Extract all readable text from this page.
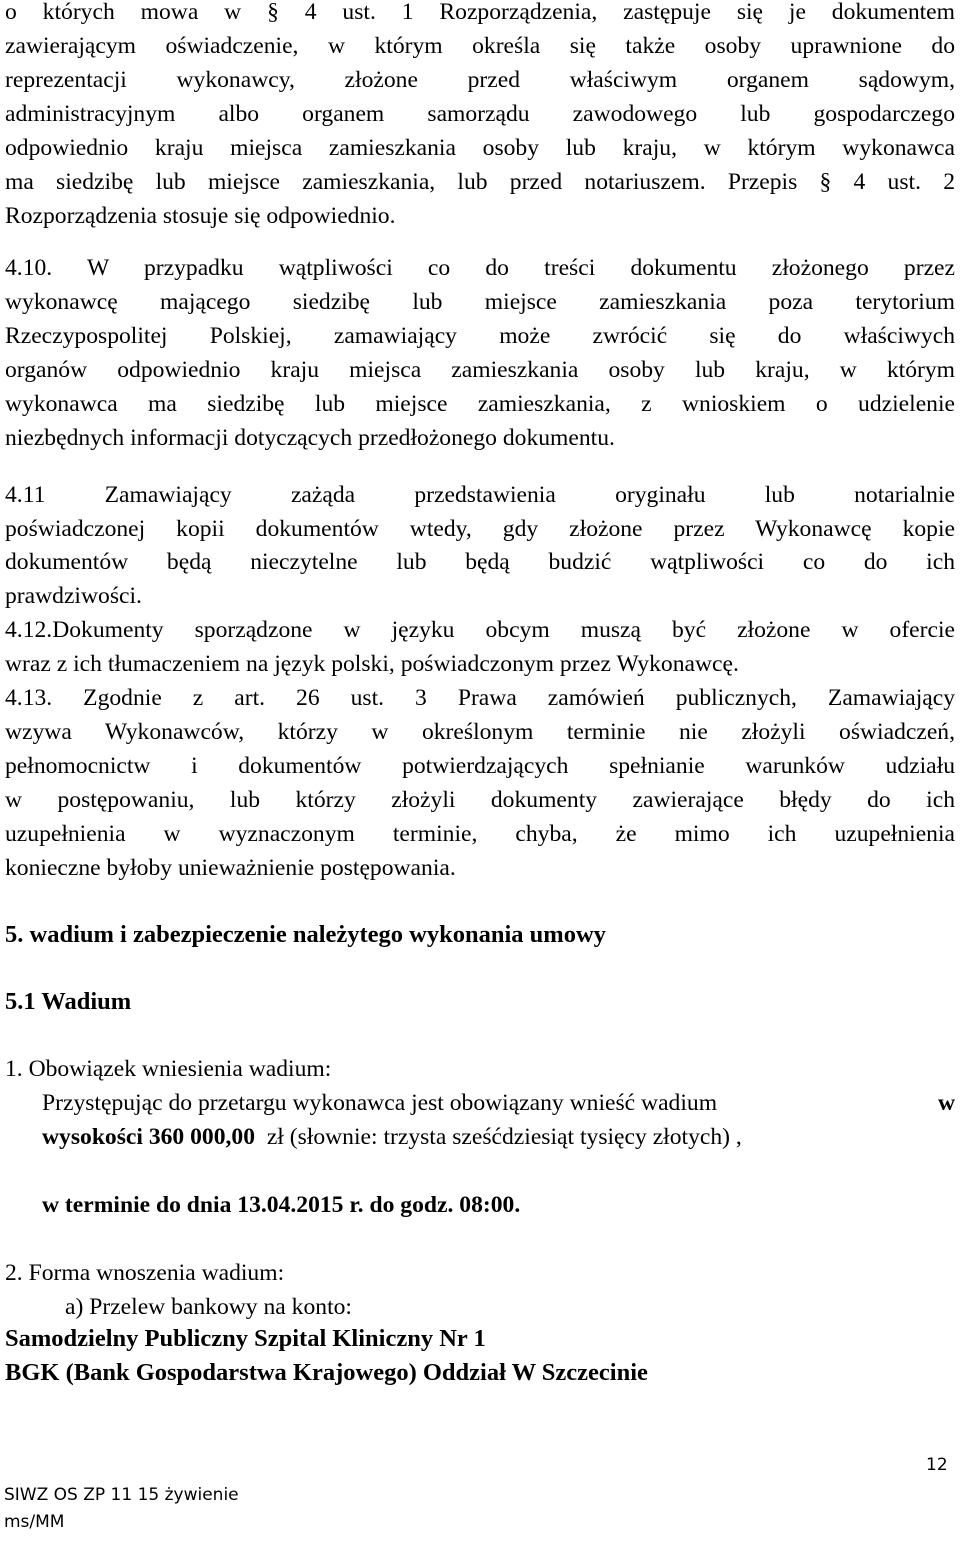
o których mowa w § 4 ust. 1 Rozporządzenia, zastępuje się je dokumentem
zawierającym oświadczenie, w którym określa się także osoby uprawnione do
reprezentacji wykonawcy, złożone przed właściwym organem sądowym,
administracyjnym albo organem samorządu zawodowego lub gospodarczego
odpowiednio kraju miejsca zamieszkania osoby lub kraju, w którym wykonawca
ma siedzibę lub miejsce zamieszkania, lub przed notariuszem. Przepis § 4 ust. 2
Rozporządzenia stosuje się odpowiednio.
4.10. W przypadku wątpliwości co do treści dokumentu złożonego przez
wykonawcę mającego siedzibę lub miejsce zamieszkania poza terytorium
Rzeczypospolitej Polskiej, zamawiający może zwrócić się do właściwych
organów odpowiednio kraju miejsca zamieszkania osoby lub kraju, w którym
wykonawca ma siedzibę lub miejsce zamieszkania, z wnioskiem o udzielenie
niezbędnych informacji dotyczących przedłożonego dokumentu.
4.11 Zamawiający zażąda przedstawienia oryginału lub notarialnie
poświadczonej kopii dokumentów wtedy, gdy złożone przez Wykonawcę kopie
dokumentów będą nieczytelne lub będą budzić wątpliwości co do ich
prawdziwości.
4.12.Dokumenty sporządzone w języku obcym muszą być złożone w ofercie
wraz z ich tłumaczeniem na język polski, poświadczonym przez Wykonawcę.
4.13. Zgodnie z art. 26 ust. 3 Prawa zamówień publicznych, Zamawiający
wzywa Wykonawców, którzy w określonym terminie nie złożyli oświadczeń,
pełnomocnictw i dokumentów potwierdzających spełnianie warunków udziału
w postępowaniu, lub którzy złożyli dokumenty zawierające błędy do ich
uzupełnienia w wyznaczonym terminie, chyba, że mimo ich uzupełnienia
konieczne byłoby unieważnienie postępowania.
5. wadium i zabezpieczenie należytego wykonania umowy
5.1 Wadium
1. Obowiązek wniesienia wadium:
Przystępując do przetargu wykonawca jest obowiązany wnieść wadium	w
wysokości 360 000,00 zł (słownie: trzysta sześćdziesiąt tysięcy złotych) ,
w terminie do dnia 13.04.2015 r. do godz. 08:00.
2. Forma wnoszenia wadium:
a) Przelew bankowy na konto:
Samodzielny Publiczny Szpital Kliniczny Nr 1
BGK (Bank Gospodarstwa Krajowego) Oddział W Szczecinie
12
SIWZ OS ZP 11 15 żywienie
ms/MM
